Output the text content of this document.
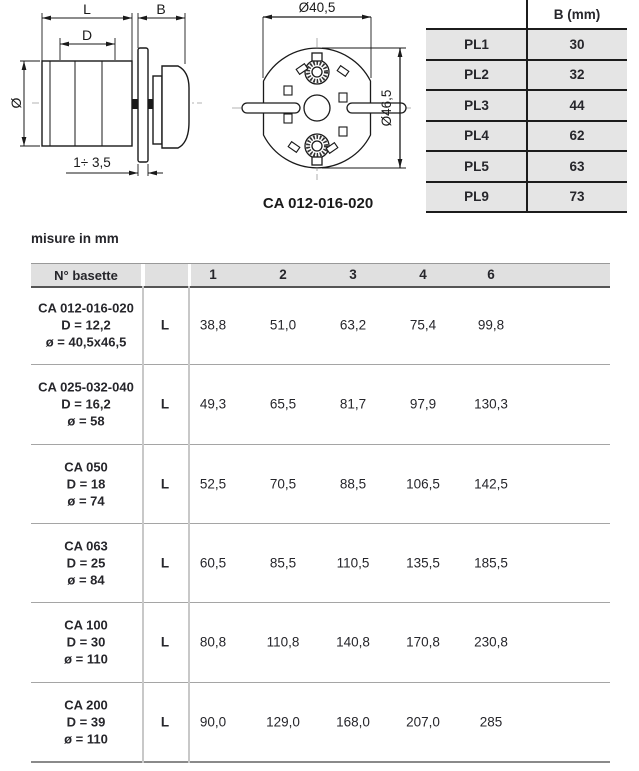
L	B
D
Ø
1÷ 3,5
Ø40,5
Ø46,5
CA 012-016-020
B (mm)
PL1	30
PL2	32
PL3	44
PL4	62
PL5	63
PL9	73
misure in mm
N° basette	1	2	3	4	6
CA 012-016-020
D = 12,2
ø = 40,5x46,5
L 38,8	51,0	63,2	75,4	99,8
CA 025-032-040
D = 16,2
ø = 58
L 49,3	65,5	81,7	97,9	130,3
CA 050
D = 18
ø = 74
L 52,5	70,5	88,5	106,5	142,5
CA 063
D = 25
ø = 84
L 60,5	85,5	110,5	135,5	185,5
CA 100
D = 30
ø = 110
L 80,8	110,8	140,8	170,8	230,8
CA 200
D = 39
ø = 110
L 90,0	129,0	168,0	207,0	285
